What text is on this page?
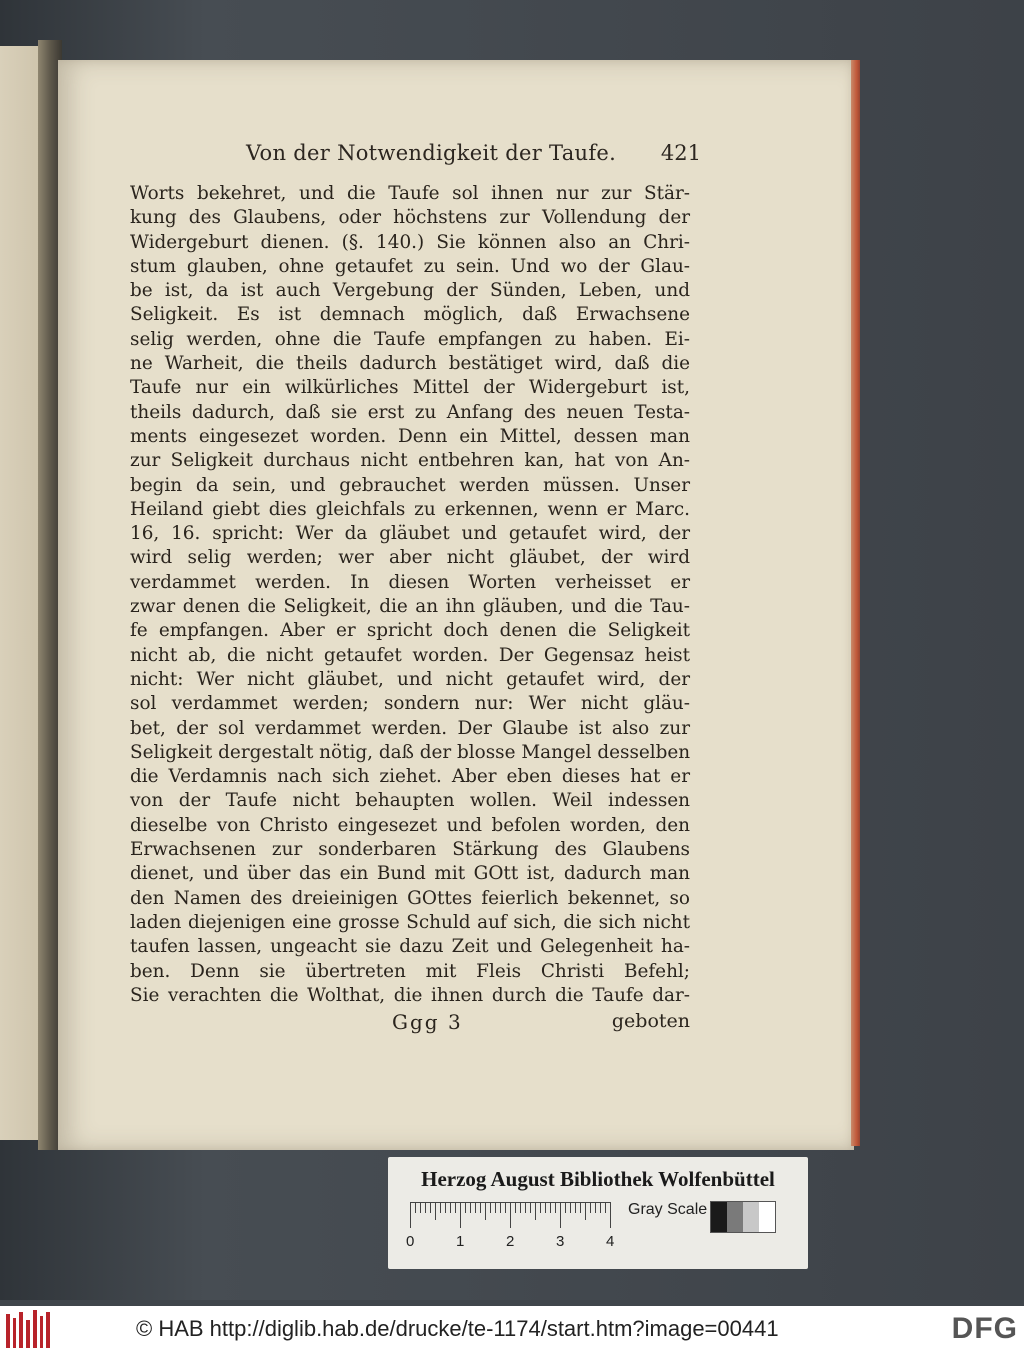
Von der Notwendigkeit der Taufe. 421
Worts bekehret, und die Taufe sol ihnen nur zur Stär-
kung des Glaubens, oder höchstens zur Vollendung der
Widergeburt dienen. (§. 140.) Sie können also an Chri-
stum glauben, ohne getaufet zu sein. Und wo der Glau-
be ist, da ist auch Vergebung der Sünden, Leben, und
Seligkeit. Es ist demnach möglich, daß Erwachsene
selig werden, ohne die Taufe empfangen zu haben. Ei-
ne Warheit, die theils dadurch bestätiget wird, daß die
Taufe nur ein wilkürliches Mittel der Widergeburt ist,
theils dadurch, daß sie erst zu Anfang des neuen Testa-
ments eingesezet worden. Denn ein Mittel, dessen man
zur Seligkeit durchaus nicht entbehren kan, hat von An-
begin da sein, und gebrauchet werden müssen. Unser
Heiland giebt dies gleichfals zu erkennen, wenn er Marc.
16, 16. spricht: Wer da gläubet und getaufet wird, der
wird selig werden; wer aber nicht gläubet, der wird
verdammet werden. In diesen Worten verheisset er
zwar denen die Seligkeit, die an ihn gläuben, und die Tau-
fe empfangen. Aber er spricht doch denen die Seligkeit
nicht ab, die nicht getaufet worden. Der Gegensaz heist
nicht: Wer nicht gläubet, und nicht getaufet wird, der
sol verdammet werden; sondern nur: Wer nicht gläu-
bet, der sol verdammet werden. Der Glaube ist also zur
Seligkeit dergestalt nötig, daß der blosse Mangel desselben
die Verdamnis nach sich ziehet. Aber eben dieses hat er
von der Taufe nicht behaupten wollen. Weil indessen
dieselbe von Christo eingesezet und befolen worden, den
Erwachsenen zur sonderbaren Stärkung des Glaubens
dienet, und über das ein Bund mit GOtt ist, dadurch man
den Namen des dreieinigen GOttes feierlich bekennet, so
laden diejenigen eine grosse Schuld auf sich, die sich nicht
taufen lassen, ungeacht sie dazu Zeit und Gelegenheit ha-
ben. Denn sie übertreten mit Fleis Christi Befehl;
Sie verachten die Wolthat, die ihnen durch die Taufe dar-
Ggg 3	geboten
Herzog August Bibliothek Wolfenbüttel
0	1	2	3	4
Gray Scale
© HAB http://diglib.hab.de/drucke/te-1174/start.htm?image=00441	DFG
